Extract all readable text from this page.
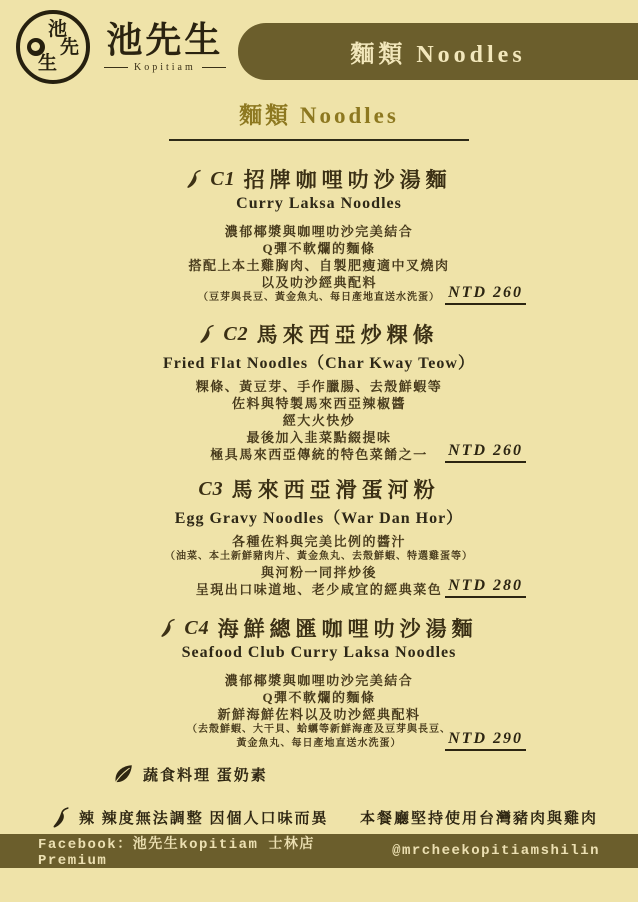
池
先
生
池先生
Kopitiam	麵類 Noodles
麵類 Noodles
C1 招牌咖哩叻沙湯麵
Curry Laksa Noodles
濃郁椰漿與咖哩叻沙完美結合
Q彈不軟爛的麵條
搭配上本土雞胸肉、自製肥瘦適中叉燒肉
以及叻沙經典配料
（豆芽與長豆、黃金魚丸、每日產地直送水洗蛋） NTD 260
C2 馬來西亞炒粿條
Fried Flat Noodles（Char Kway Teow）
粿條、黃豆芽、手作臘腸、去殼鮮蝦等
佐料與特製馬來西亞辣椒醬
經大火快炒
最後加入韭菜點綴提味
極具馬來西亞傳統的特色菜餚之一	NTD 260
C3 馬來西亞滑蛋河粉
Egg Gravy Noodles（War Dan Hor）
各種佐料與完美比例的醬汁
（油菜、本土新鮮豬肉片、黃金魚丸、去殼鮮蝦、特選雞蛋等）
與河粉一同拌炒後
呈現出口味道地、老少咸宜的經典菜色 NTD 280
C4 海鮮總匯咖哩叻沙湯麵
Seafood Club Curry Laksa Noodles
濃郁椰漿與咖哩叻沙完美結合
Q彈不軟爛的麵條
新鮮海鮮佐料以及叻沙經典配料
（去殼鮮蝦、大干貝、蛤蠣等新鮮海產及豆芽與長豆、
黃金魚丸、每日產地直送水洗蛋）	NTD 290
蔬食料理 蛋奶素
辣 辣度無法調整 因個人口味而異 本餐廳堅持使用台灣豬肉與雞肉
Facebook：池先生kopitiam 士林店 Premium
@mrcheekopitiamshilin
